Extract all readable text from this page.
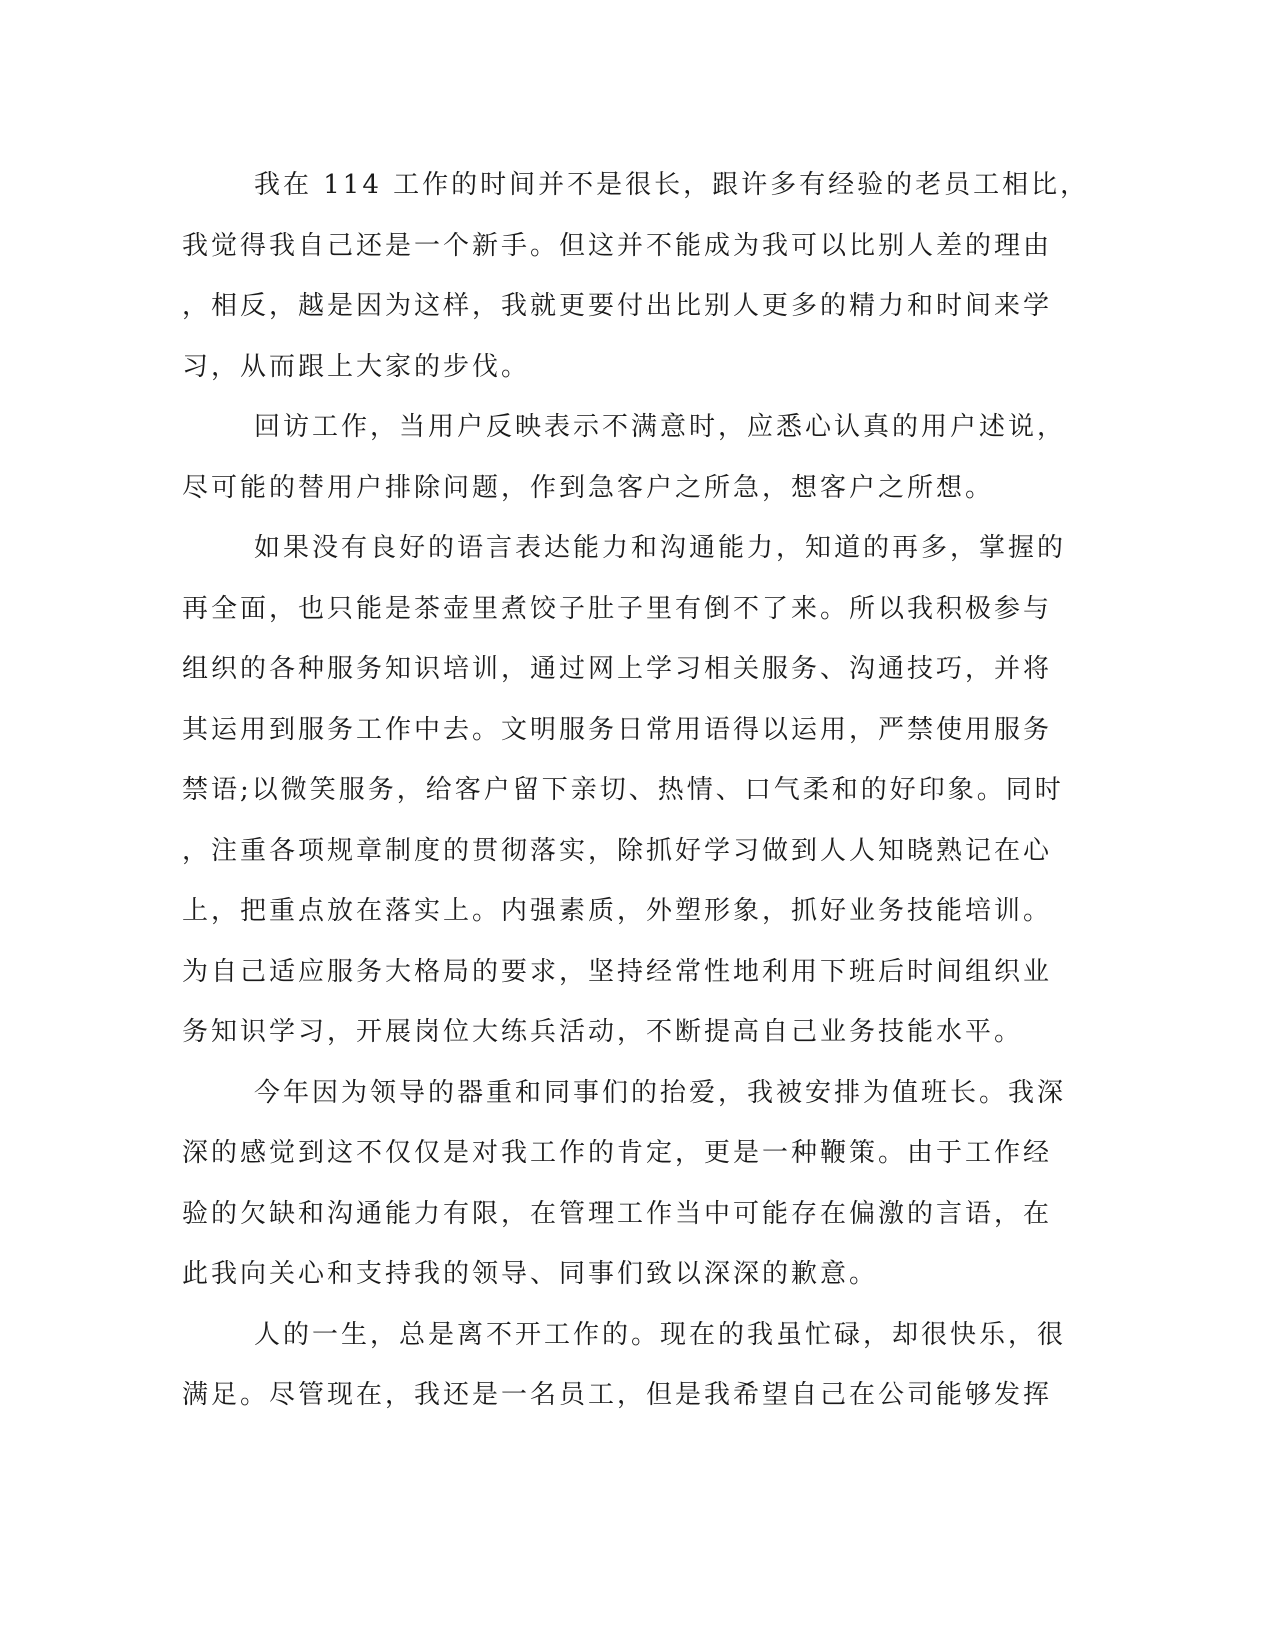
我在 114 工作的时间并不是很长，跟许多有经验的老员工相比，
我觉得我自己还是一个新手。但这并不能成为我可以比别人差的理由
，相反，越是因为这样，我就更要付出比别人更多的精力和时间来学
习，从而跟上大家的步伐。
回访工作，当用户反映表示不满意时，应悉心认真的用户述说，
尽可能的替用户排除问题，作到急客户之所急，想客户之所想。
如果没有良好的语言表达能力和沟通能力，知道的再多，掌握的
再全面，也只能是茶壶里煮饺子肚子里有倒不了来。所以我积极参与
组织的各种服务知识培训，通过网上学习相关服务、沟通技巧，并将
其运用到服务工作中去。文明服务日常用语得以运用，严禁使用服务
禁语;以微笑服务，给客户留下亲切、热情、口气柔和的好印象。同时
，注重各项规章制度的贯彻落实，除抓好学习做到人人知晓熟记在心
上，把重点放在落实上。内强素质，外塑形象，抓好业务技能培训。
为自己适应服务大格局的要求，坚持经常性地利用下班后时间组织业
务知识学习，开展岗位大练兵活动，不断提高自己业务技能水平。
今年因为领导的器重和同事们的抬爱，我被安排为值班长。我深
深的感觉到这不仅仅是对我工作的肯定，更是一种鞭策。由于工作经
验的欠缺和沟通能力有限，在管理工作当中可能存在偏激的言语，在
此我向关心和支持我的领导、同事们致以深深的歉意。
人的一生，总是离不开工作的。现在的我虽忙碌，却很快乐，很
满足。尽管现在，我还是一名员工，但是我希望自己在公司能够发挥
